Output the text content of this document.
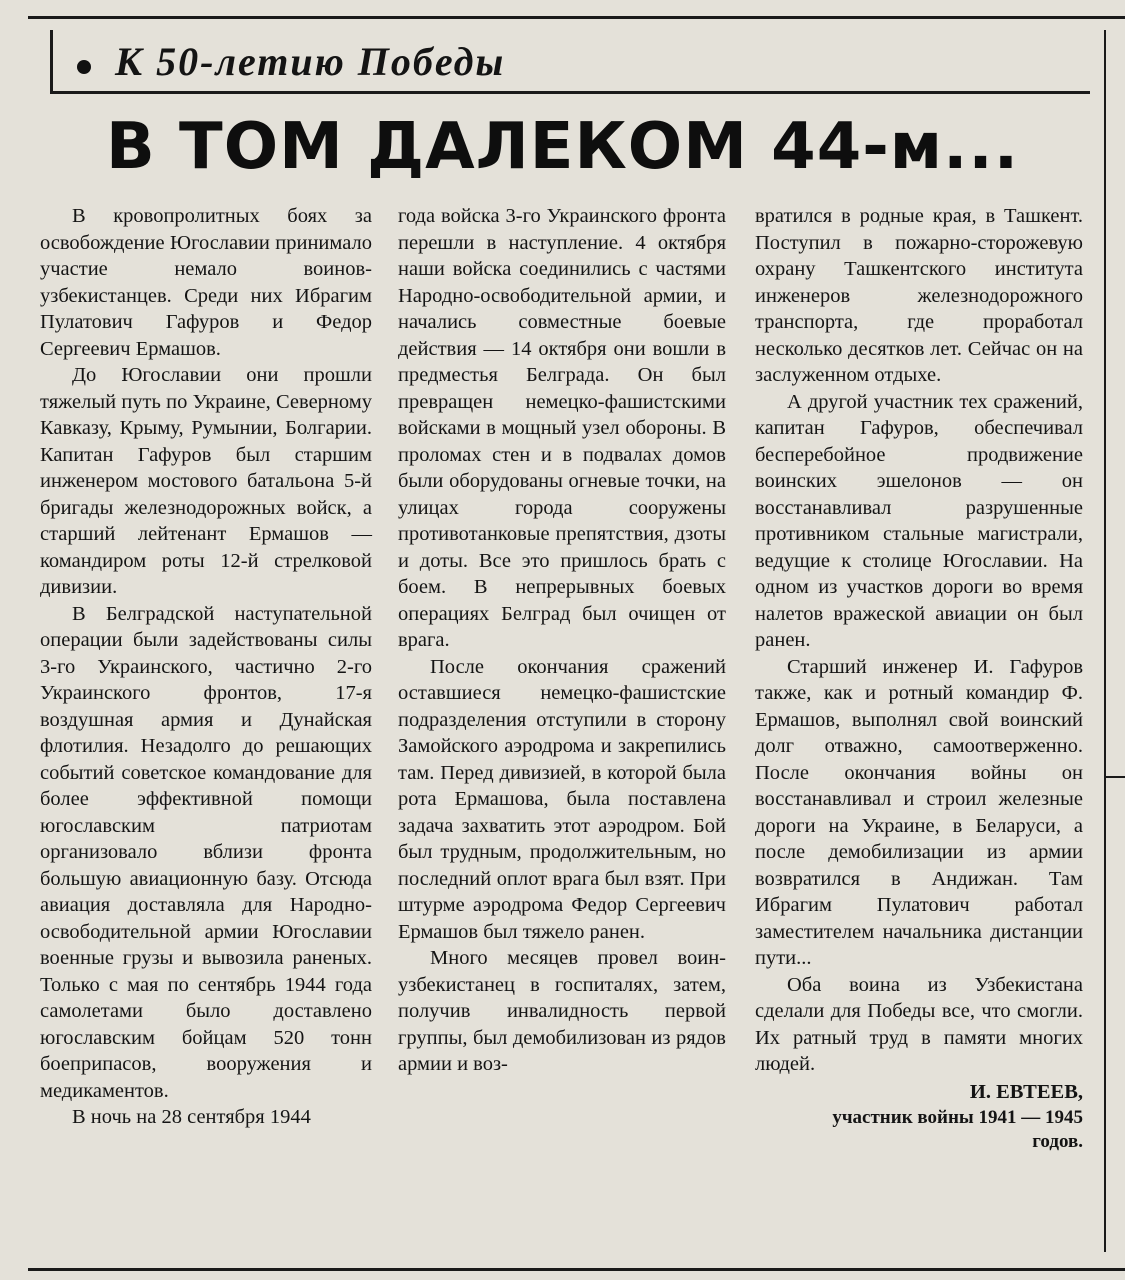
К 50-летию Победы
В ТОМ ДАЛЕКОМ 44-м...

В кровопролитных боях за освобождение Югославии принимало участие немало воинов-узбекистанцев. Среди них Ибрагим Пулатович Гафуров и Федор Сергеевич Ермашов.

До Югославии они прошли тяжелый путь по Украине, Северному Кавказу, Крыму, Румынии, Болгарии. Капитан Гафуров был старшим инженером мостового батальона 5-й бригады железнодорожных войск, а старший лейтенант Ермашов — командиром роты 12-й стрелковой дивизии.

В Белградской наступательной операции были задействованы силы 3-го Украинского, частично 2-го Украинского фронтов, 17-я воздушная армия и Дунайская флотилия. Незадолго до решающих событий советское командование для более эффективной помощи югославским патриотам организовало вблизи фронта большую авиационную базу. Отсюда авиация доставляла для Народно-освободительной армии Югославии военные грузы и вывозила раненых. Только с мая по сентябрь 1944 года самолетами было доставлено югославским бойцам 520 тонн боеприпасов, вооружения и медикаментов.

В ночь на 28 сентября 1944

года войска 3-го Украинского фронта перешли в наступление. 4 октября наши войска соединились с частями Народно-освободительной армии, и начались совместные боевые действия — 14 октября они вошли в предместья Белграда. Он был превращен немецко-фашистскими войсками в мощный узел обороны. В проломах стен и в подвалах домов были оборудованы огневые точки, на улицах города сооружены противотанковые препятствия, дзоты и доты. Все это пришлось брать с боем. В непрерывных боевых операциях Белград был очищен от врага.

После окончания сражений оставшиеся немецко-фашистские подразделения отступили в сторону Замойского аэродрома и закрепились там. Перед дивизией, в которой была рота Ермашова, была поставлена задача захватить этот аэродром. Бой был трудным, продолжительным, но последний оплот врага был взят. При штурме аэродрома Федор Сергеевич Ермашов был тяжело ранен.

Много месяцев провел воин-узбекистанец в госпиталях, затем, получив инвалидность первой группы, был демобилизован из рядов армии и воз-

вратился в родные края, в Ташкент. Поступил в пожарно-сторожевую охрану Ташкентского института инженеров железнодорожного транспорта, где проработал несколько десятков лет. Сейчас он на заслуженном отдыхе.

А другой участник тех сражений, капитан Гафуров, обеспечивал бесперебойное продвижение воинских эшелонов — он восстанавливал разрушенные противником стальные магистрали, ведущие к столице Югославии. На одном из участков дороги во время налетов вражеской авиации он был ранен.

Старший инженер И. Гафуров также, как и ротный командир Ф. Ермашов, выполнял свой воинский долг отважно, самоотверженно. После окончания войны он восстанавливал и строил железные дороги на Украине, в Беларуси, а после демобилизации из армии возвратился в Андижан. Там Ибрагим Пулатович работал заместителем начальника дистанции пути...

Оба воина из Узбекистана сделали для Победы все, что смогли. Их ратный труд в памяти многих людей.

И. ЕВТЕЕВ,

участник войны 1941 — 1945 годов.
